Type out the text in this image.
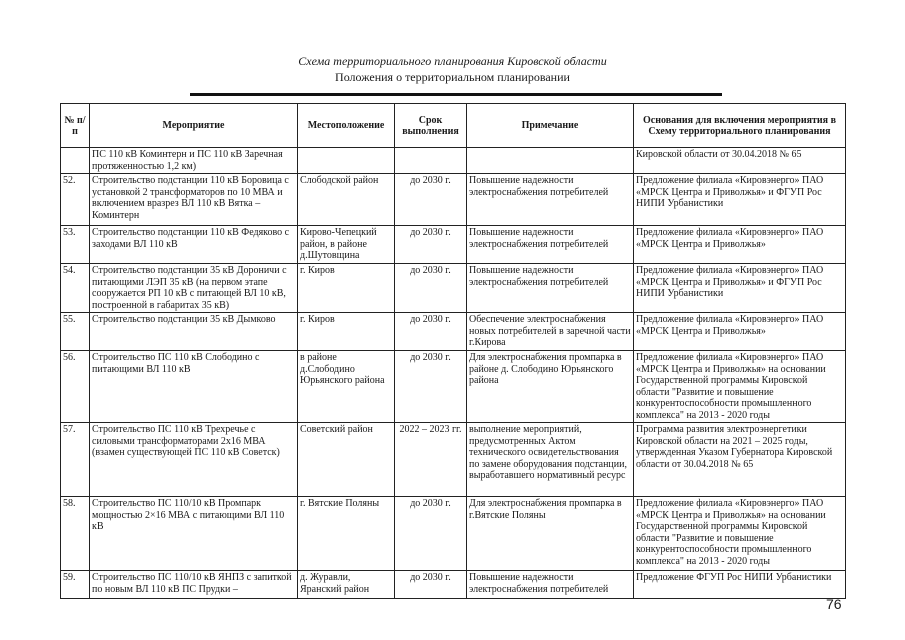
Схема территориального планирования Кировской области
Положения о территориальном планировании
№ п/п	Мероприятие	Местоположение	Срок выполнения	Примечание	Основания для включения мероприятия в Схему территориального планирования
	ПС 110 кВ Коминтерн и ПС 110 кВ Заречная протяженностью 1,2 км)				Кировской области от 30.04.2018 № 65
52.	Строительство подстанции 110 кВ Боровица с установкой 2 трансформаторов по 10 МВА и включением вразрез ВЛ 110 кВ Вятка – Коминтерн	Слободской район	до 2030 г.	Повышение надежности электроснабжения потребителей	Предложение филиала «Кировэнерго» ПАО «МРСК Центра и Приволжья» и ФГУП Рос НИПИ Урбанистики
53.	Строительство подстанции 110 кВ Федяково с заходами ВЛ 110 кВ	Кирово-Чепецкий район, в районе д.Шутовщина	до 2030 г.	Повышение надежности электроснабжения потребителей	Предложение филиала «Кировэнерго» ПАО «МРСК Центра и Приволжья»
54.	Строительство подстанции 35 кВ Дороничи с питающими ЛЭП 35 кВ (на первом этапе сооружается РП 10 кВ с питающей ВЛ 10 кВ, построенной в габаритах 35 кВ)	г. Киров	до 2030 г.	Повышение надежности электроснабжения потребителей	Предложение филиала «Кировэнерго» ПАО «МРСК Центра и Приволжья» и ФГУП Рос НИПИ Урбанистики
55.	Строительство подстанции 35 кВ Дымково	г. Киров	до 2030 г.	Обеспечение электроснабжения новых потребителей в заречной части г.Кирова	Предложение филиала «Кировэнерго» ПАО «МРСК Центра и Приволжья»
56.	Строительство ПС 110 кВ Слободино с питающими ВЛ 110 кВ	в районе д.Слободино Юрьянского района	до 2030 г.	Для электроснабжения промпарка в районе д. Слободино Юрьянского района	Предложение филиала «Кировэнерго» ПАО «МРСК Центра и Приволжья» на основании Государственной программы Кировской области "Развитие и повышение конкурентоспособности промышленного комплекса" на 2013 - 2020 годы
57.	Строительство ПС 110 кВ Трехречье с силовыми трансформаторами 2х16 МВА (взамен существующей ПС 110 кВ Советск)	Советский район	2022 – 2023 гг.	выполнение мероприятий, предусмотренных Актом технического освидетельствования по замене оборудования подстанции, выработавшего нормативный ресурс	Программа развития электроэнергетики Кировской области на 2021 – 2025 годы, утвержденная Указом Губернатора Кировской области от 30.04.2018 № 65
58.	Строительство ПС 110/10 кВ Промпарк мощностью 2×16 МВА с питающими ВЛ 110 кВ	г. Вятские Поляны	до 2030 г.	Для электроснабжения промпарка в г.Вятские Поляны	Предложение филиала «Кировэнерго» ПАО «МРСК Центра и Приволжья» на основании Государственной программы Кировской области "Развитие и повышение конкурентоспособности промышленного комплекса" на 2013 - 2020 годы
59.	Строительство ПС 110/10 кВ ЯНПЗ с запиткой по новым ВЛ 110 кВ ПС Прудки –	д. Журавли, Яранский район	до 2030 г.	Повышение надежности электроснабжения потребителей	Предложение ФГУП Рос НИПИ Урбанистики
76
